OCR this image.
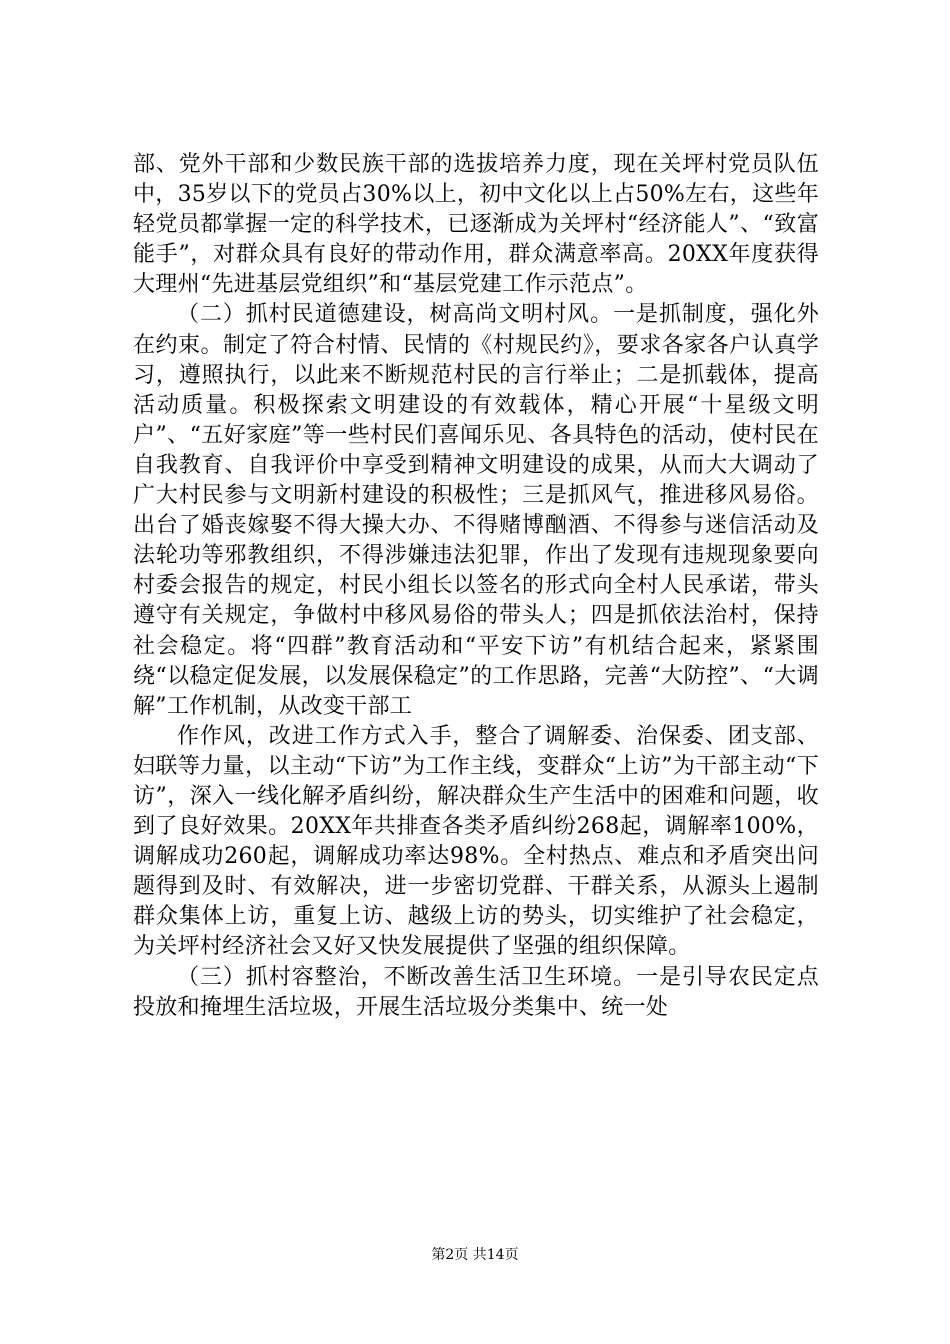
部、党外干部和少数民族干部的选拔培养力度，现在关坪村党员队伍中，35岁以下的党员占30%以上，初中文化以上占50%左右，这些年轻党员都掌握一定的科学技术，已逐渐成为关坪村“经济能人”、“致富能手”，对群众具有良好的带动作用，群众满意率高。20XX年度获得大理州“先进基层党组织”和“基层党建工作示范点”。

（二）抓村民道德建设，树高尚文明村风。一是抓制度，强化外在约束。制定了符合村情、民情的《村规民约》，要求各家各户认真学习，遵照执行，以此来不断规范村民的言行举止；二是抓载体，提高活动质量。积极探索文明建设的有效载体，精心开展“十星级文明户”、“五好家庭”等一些村民们喜闻乐见、各具特色的活动，使村民在自我教育、自我评价中享受到精神文明建设的成果，从而大大调动了广大村民参与文明新村建设的积极性；三是抓风气，推进移风易俗。出台了婚丧嫁娶不得大操大办、不得赌博酗酒、不得参与迷信活动及法轮功等邪教组织，不得涉嫌违法犯罪，作出了发现有违规现象要向村委会报告的规定，村民小组长以签名的形式向全村人民承诺，带头遵守有关规定，争做村中移风易俗的带头人；四是抓依法治村，保持社会稳定。将“四群”教育活动和“平安下访”有机结合起来，紧紧围绕“以稳定促发展，以发展保稳定”的工作思路，完善“大防控”、“大调解”工作机制，从改变干部工

作作风，改进工作方式入手，整合了调解委、治保委、团支部、妇联等力量，以主动“下访”为工作主线，变群众“上访”为干部主动“下访”，深入一线化解矛盾纠纷，解决群众生产生活中的困难和问题，收到了良好效果。20XX年共排查各类矛盾纠纷268起，调解率100%，调解成功260起，调解成功率达98%。全村热点、难点和矛盾突出问题得到及时、有效解决，进一步密切党群、干群关系，从源头上遏制群众集体上访，重复上访、越级上访的势头，切实维护了社会稳定，为关坪村经济社会又好又快发展提供了坚强的组织保障。

（三）抓村容整治，不断改善生活卫生环境。一是引导农民定点投放和掩埋生活垃圾，开展生活垃圾分类集中、统一处

第2页 共14页
